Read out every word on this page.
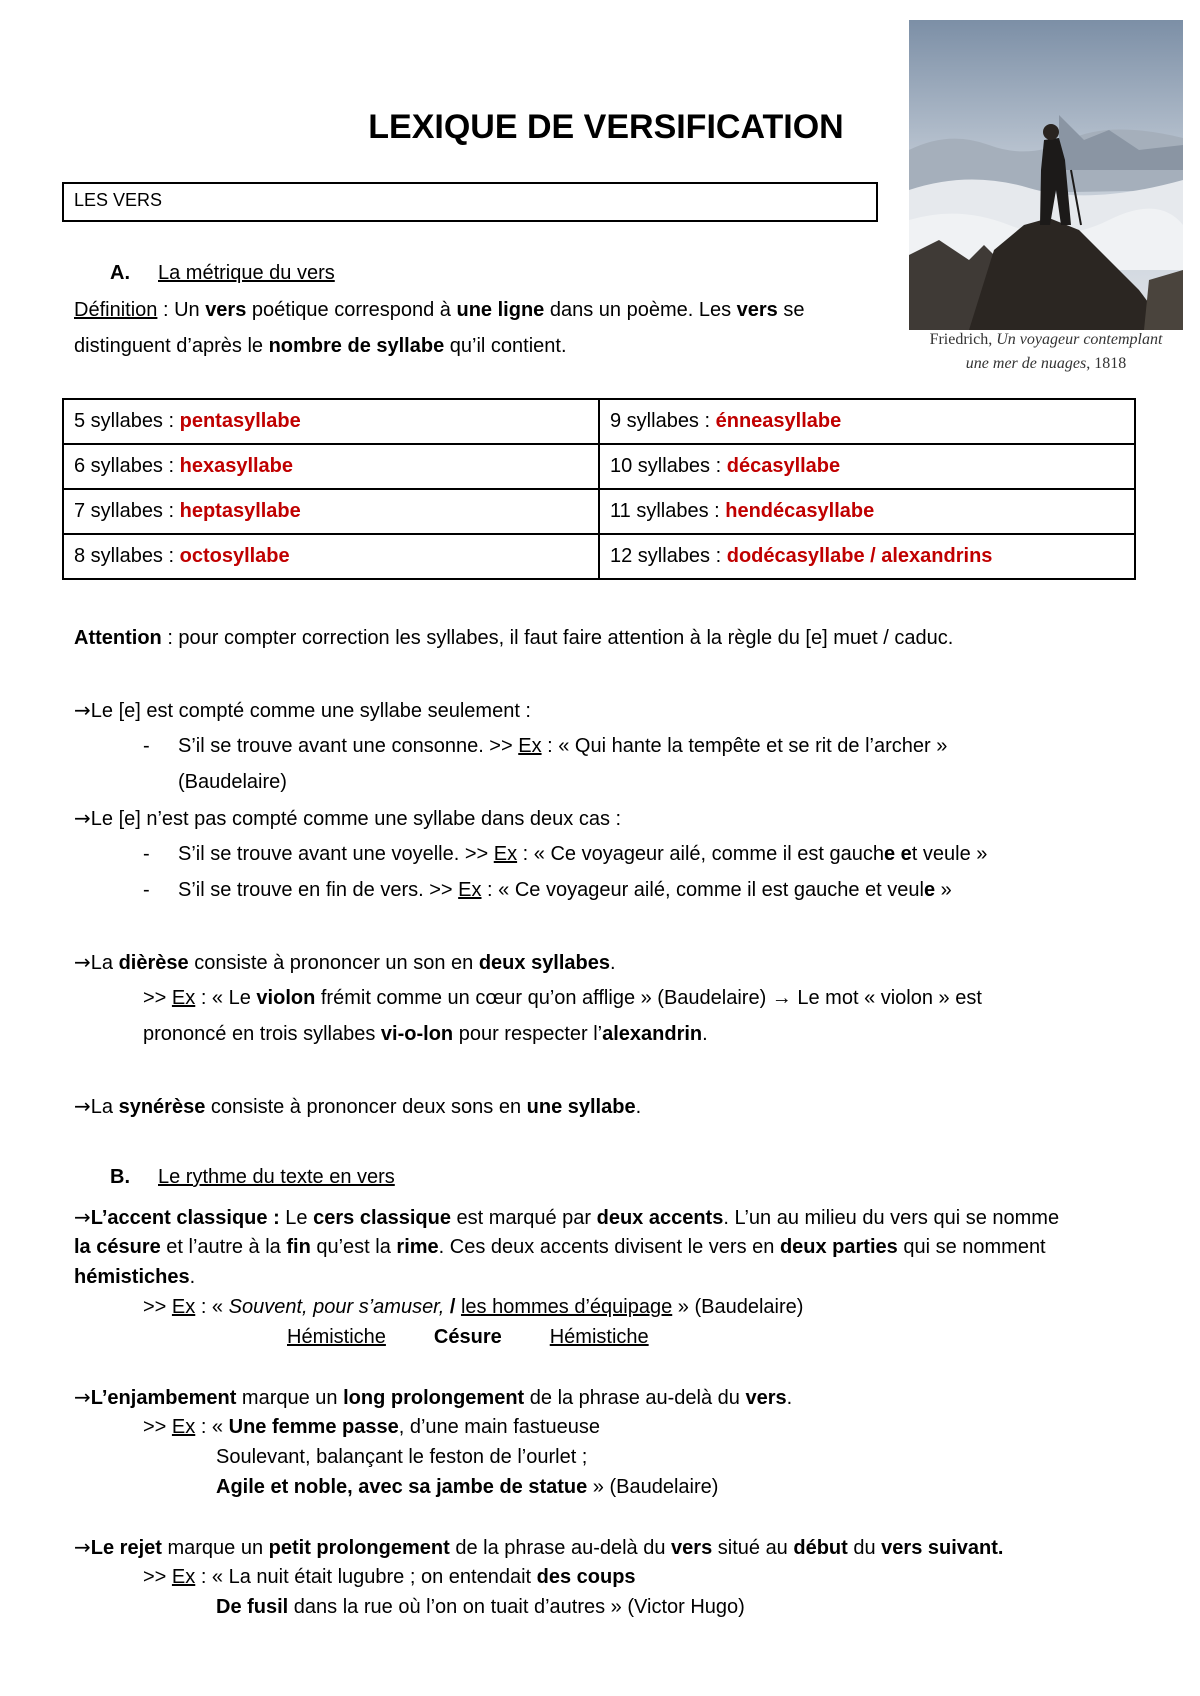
LEXIQUE DE VERSIFICATION
Friedrich, Un voyageur contemplant
une mer de nuages, 1818
LES VERS
A. La métrique du vers
Définition : Un vers poétique correspond à une ligne dans un poème. Les vers se
distinguent d’après le nombre de syllabe qu’il contient.
5 syllabes : pentasyllabe	9 syllabes : énneasyllabe
6 syllabes : hexasyllabe	10 syllabes : décasyllabe
7 syllabes : heptasyllabe	11 syllabes : hendécasyllabe
8 syllabes : octosyllabe	12 syllabes : dodécasyllabe / alexandrins
Attention : pour compter correction les syllabes, il faut faire attention à la règle du [e] muet / caduc.
→Le [e] est compté comme une syllabe seulement :
- S’il se trouve avant une consonne. >> Ex : « Qui hante la tempête et se rit de l’archer »
(Baudelaire)
→Le [e] n’est pas compté comme une syllabe dans deux cas :
- S’il se trouve avant une voyelle. >> Ex : « Ce voyageur ailé, comme il est gauche et veule »
- S’il se trouve en fin de vers. >> Ex : « Ce voyageur ailé, comme il est gauche et veule »
→La dièrèse consiste à prononcer un son en deux syllabes.
>> Ex : « Le violon frémit comme un cœur qu’on afflige » (Baudelaire) → Le mot « violon » est
prononcé en trois syllabes vi-o-lon pour respecter l’alexandrin.
→La synérèse consiste à prononcer deux sons en une syllabe.
B. Le rythme du texte en vers
→L’accent classique : Le cers classique est marqué par deux accents. L’un au milieu du vers qui se nomme
la césure et l’autre à la fin qu’est la rime. Ces deux accents divisent le vers en deux parties qui se nomment
hémistiches.
>> Ex : « Souvent, pour s’amuser, / les hommes d’équipage » (Baudelaire)
Hémistiche Césure Hémistiche
→L’enjambement marque un long prolongement de la phrase au-delà du vers.
>> Ex : « Une femme passe, d’une main fastueuse
Soulevant, balançant le feston de l’ourlet ;
Agile et noble, avec sa jambe de statue » (Baudelaire)
→Le rejet marque un petit prolongement de la phrase au-delà du vers situé au début du vers suivant.
>> Ex : « La nuit était lugubre ; on entendait des coups
De fusil dans la rue où l’on on tuait d’autres » (Victor Hugo)
